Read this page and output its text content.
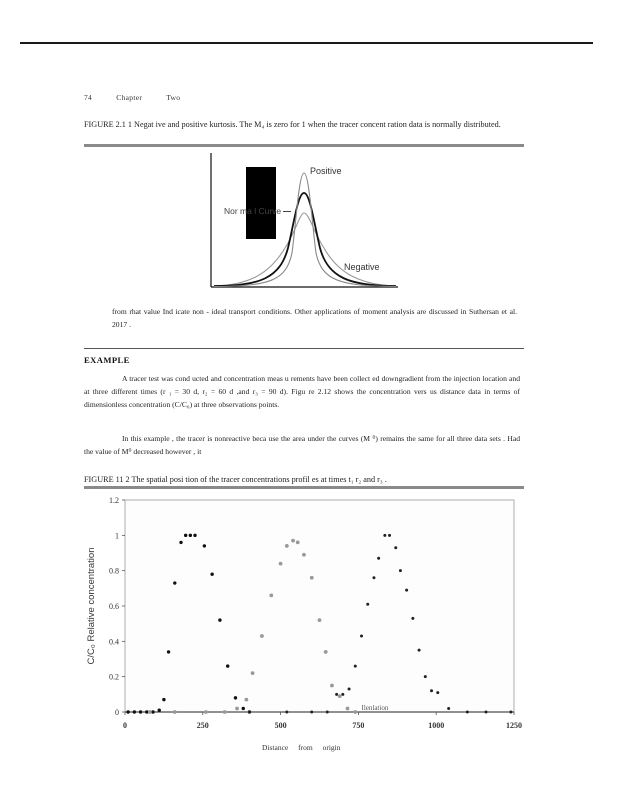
74	Chapter	Two
FIGURE 2.1 1 Negat ive and positive kurtosis. The M₄ is zero for 1 when the tracer concent ration data is normally distributed.
Nor ma l Curve
Positive
Negative
from rhat value Ind icate non - ideal transport conditions. Other applications of moment analysis are discussed in Suthersan et al. 2017 .
EXAMPLE
A tracer test was cond ucted and concentration meas u rements have been collect ed downgradient from the injection location and at three different times (r ₁ = 30 d, r₂ = 60 d ,and r₃ = 90 d). Figu re 2.12 shows the concentration vers us distance data in terms of dimensionless concentration (C/C₀) at three observations points.
In this example , the tracer is nonreactive beca use the area under the curves (M ⁰) remains the same for all three data sets . Had the value of M⁰ decreased however , it
FIGURE 11 2 The spatial posi tion of the tracer concentrations profil es at times t₁ r₂ and r₃ .
0
0.2
0.4
0.6
0.8
1
1.2
0	250	500	750	1000	1250
C/C₀ Relative concentration
Ilenlation
Distance from origin
